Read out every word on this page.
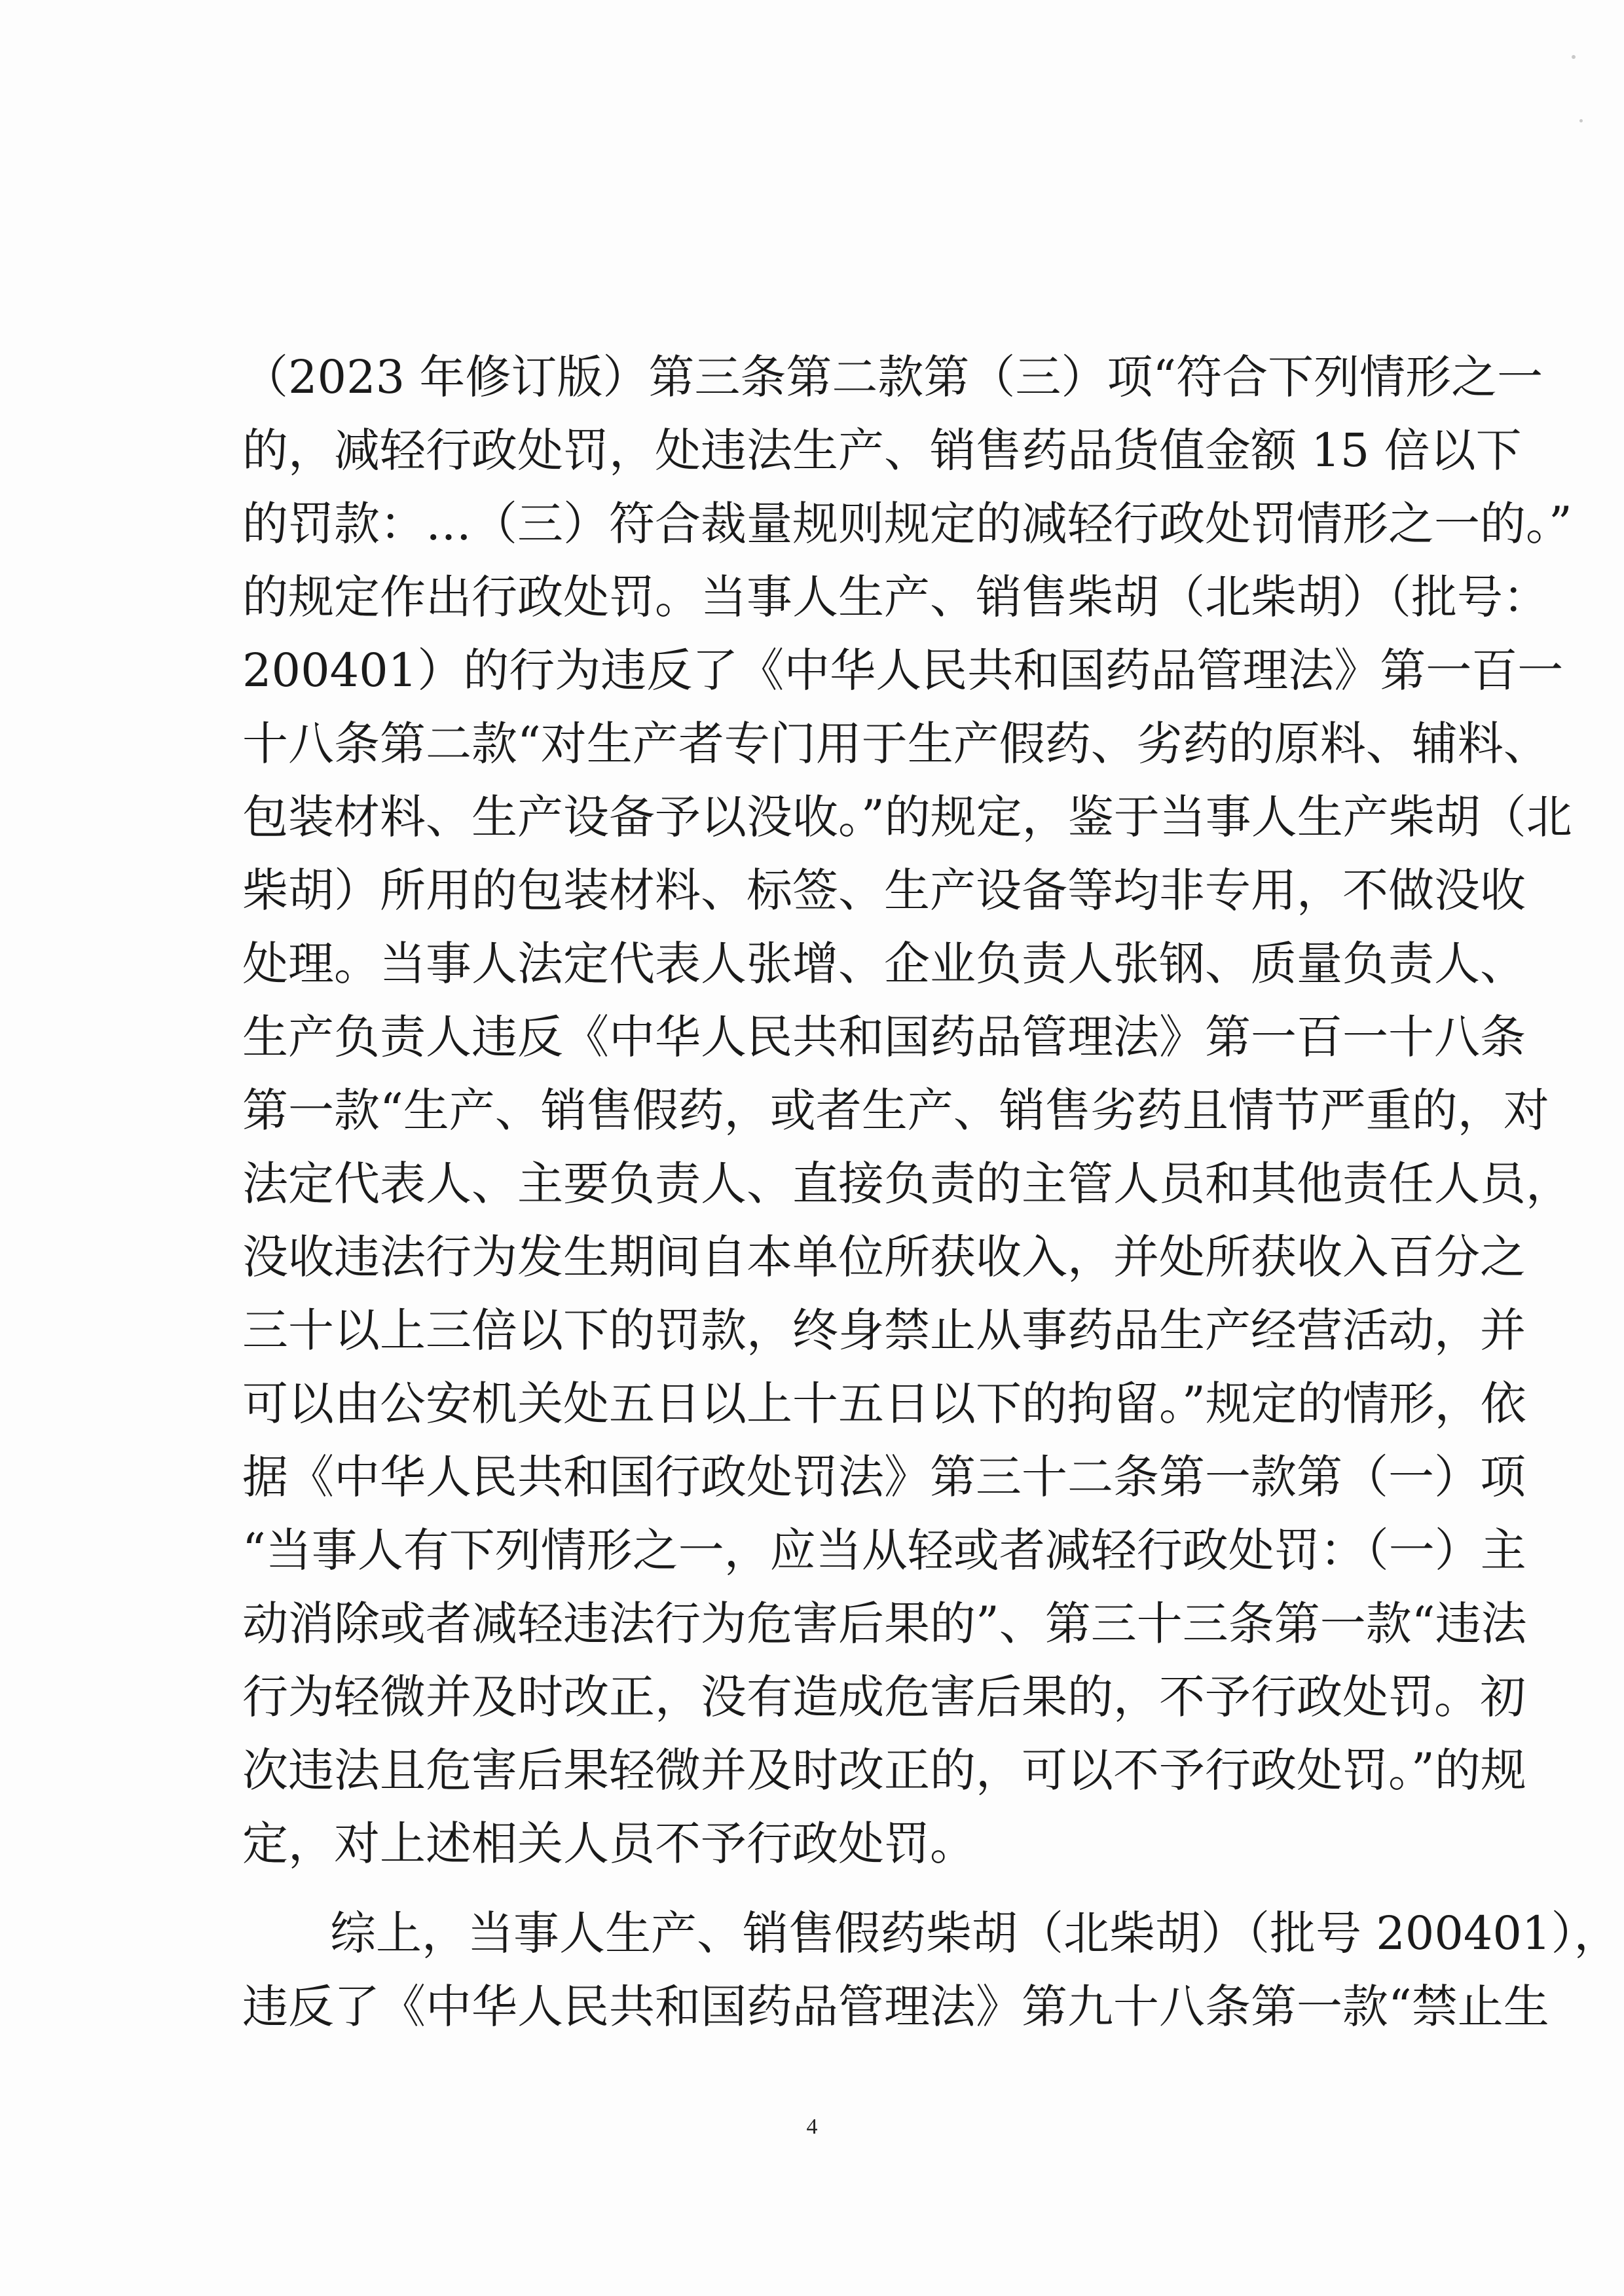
（2023 年修订版）第三条第二款第（三）项“符合下列情形之一
的，减轻行政处罚，处违法生产、销售药品货值金额 15 倍以下
的罚款：…（三）符合裁量规则规定的减轻行政处罚情形之一的。”
的规定作出行政处罚。当事人生产、销售柴胡（北柴胡）（批号：
200401）的行为违反了《中华人民共和国药品管理法》第一百一
十八条第二款“对生产者专门用于生产假药、劣药的原料、辅料、
包装材料、生产设备予以没收。”的规定，鉴于当事人生产柴胡（北
柴胡）所用的包装材料、标签、生产设备等均非专用，不做没收
处理。当事人法定代表人张增、企业负责人张钢、质量负责人、
生产负责人违反《中华人民共和国药品管理法》第一百一十八条
第一款“生产、销售假药，或者生产、销售劣药且情节严重的，对
法定代表人、主要负责人、直接负责的主管人员和其他责任人员，
没收违法行为发生期间自本单位所获收入，并处所获收入百分之
三十以上三倍以下的罚款，终身禁止从事药品生产经营活动，并
可以由公安机关处五日以上十五日以下的拘留。”规定的情形，依
据《中华人民共和国行政处罚法》第三十二条第一款第（一）项
“当事人有下列情形之一，应当从轻或者减轻行政处罚：（一）主
动消除或者减轻违法行为危害后果的”、第三十三条第一款“违法
行为轻微并及时改正，没有造成危害后果的，不予行政处罚。初
次违法且危害后果轻微并及时改正的，可以不予行政处罚。”的规
定，对上述相关人员不予行政处罚。
综上，当事人生产、销售假药柴胡（北柴胡）（批号 200401），
违反了《中华人民共和国药品管理法》第九十八条第一款“禁止生
4
